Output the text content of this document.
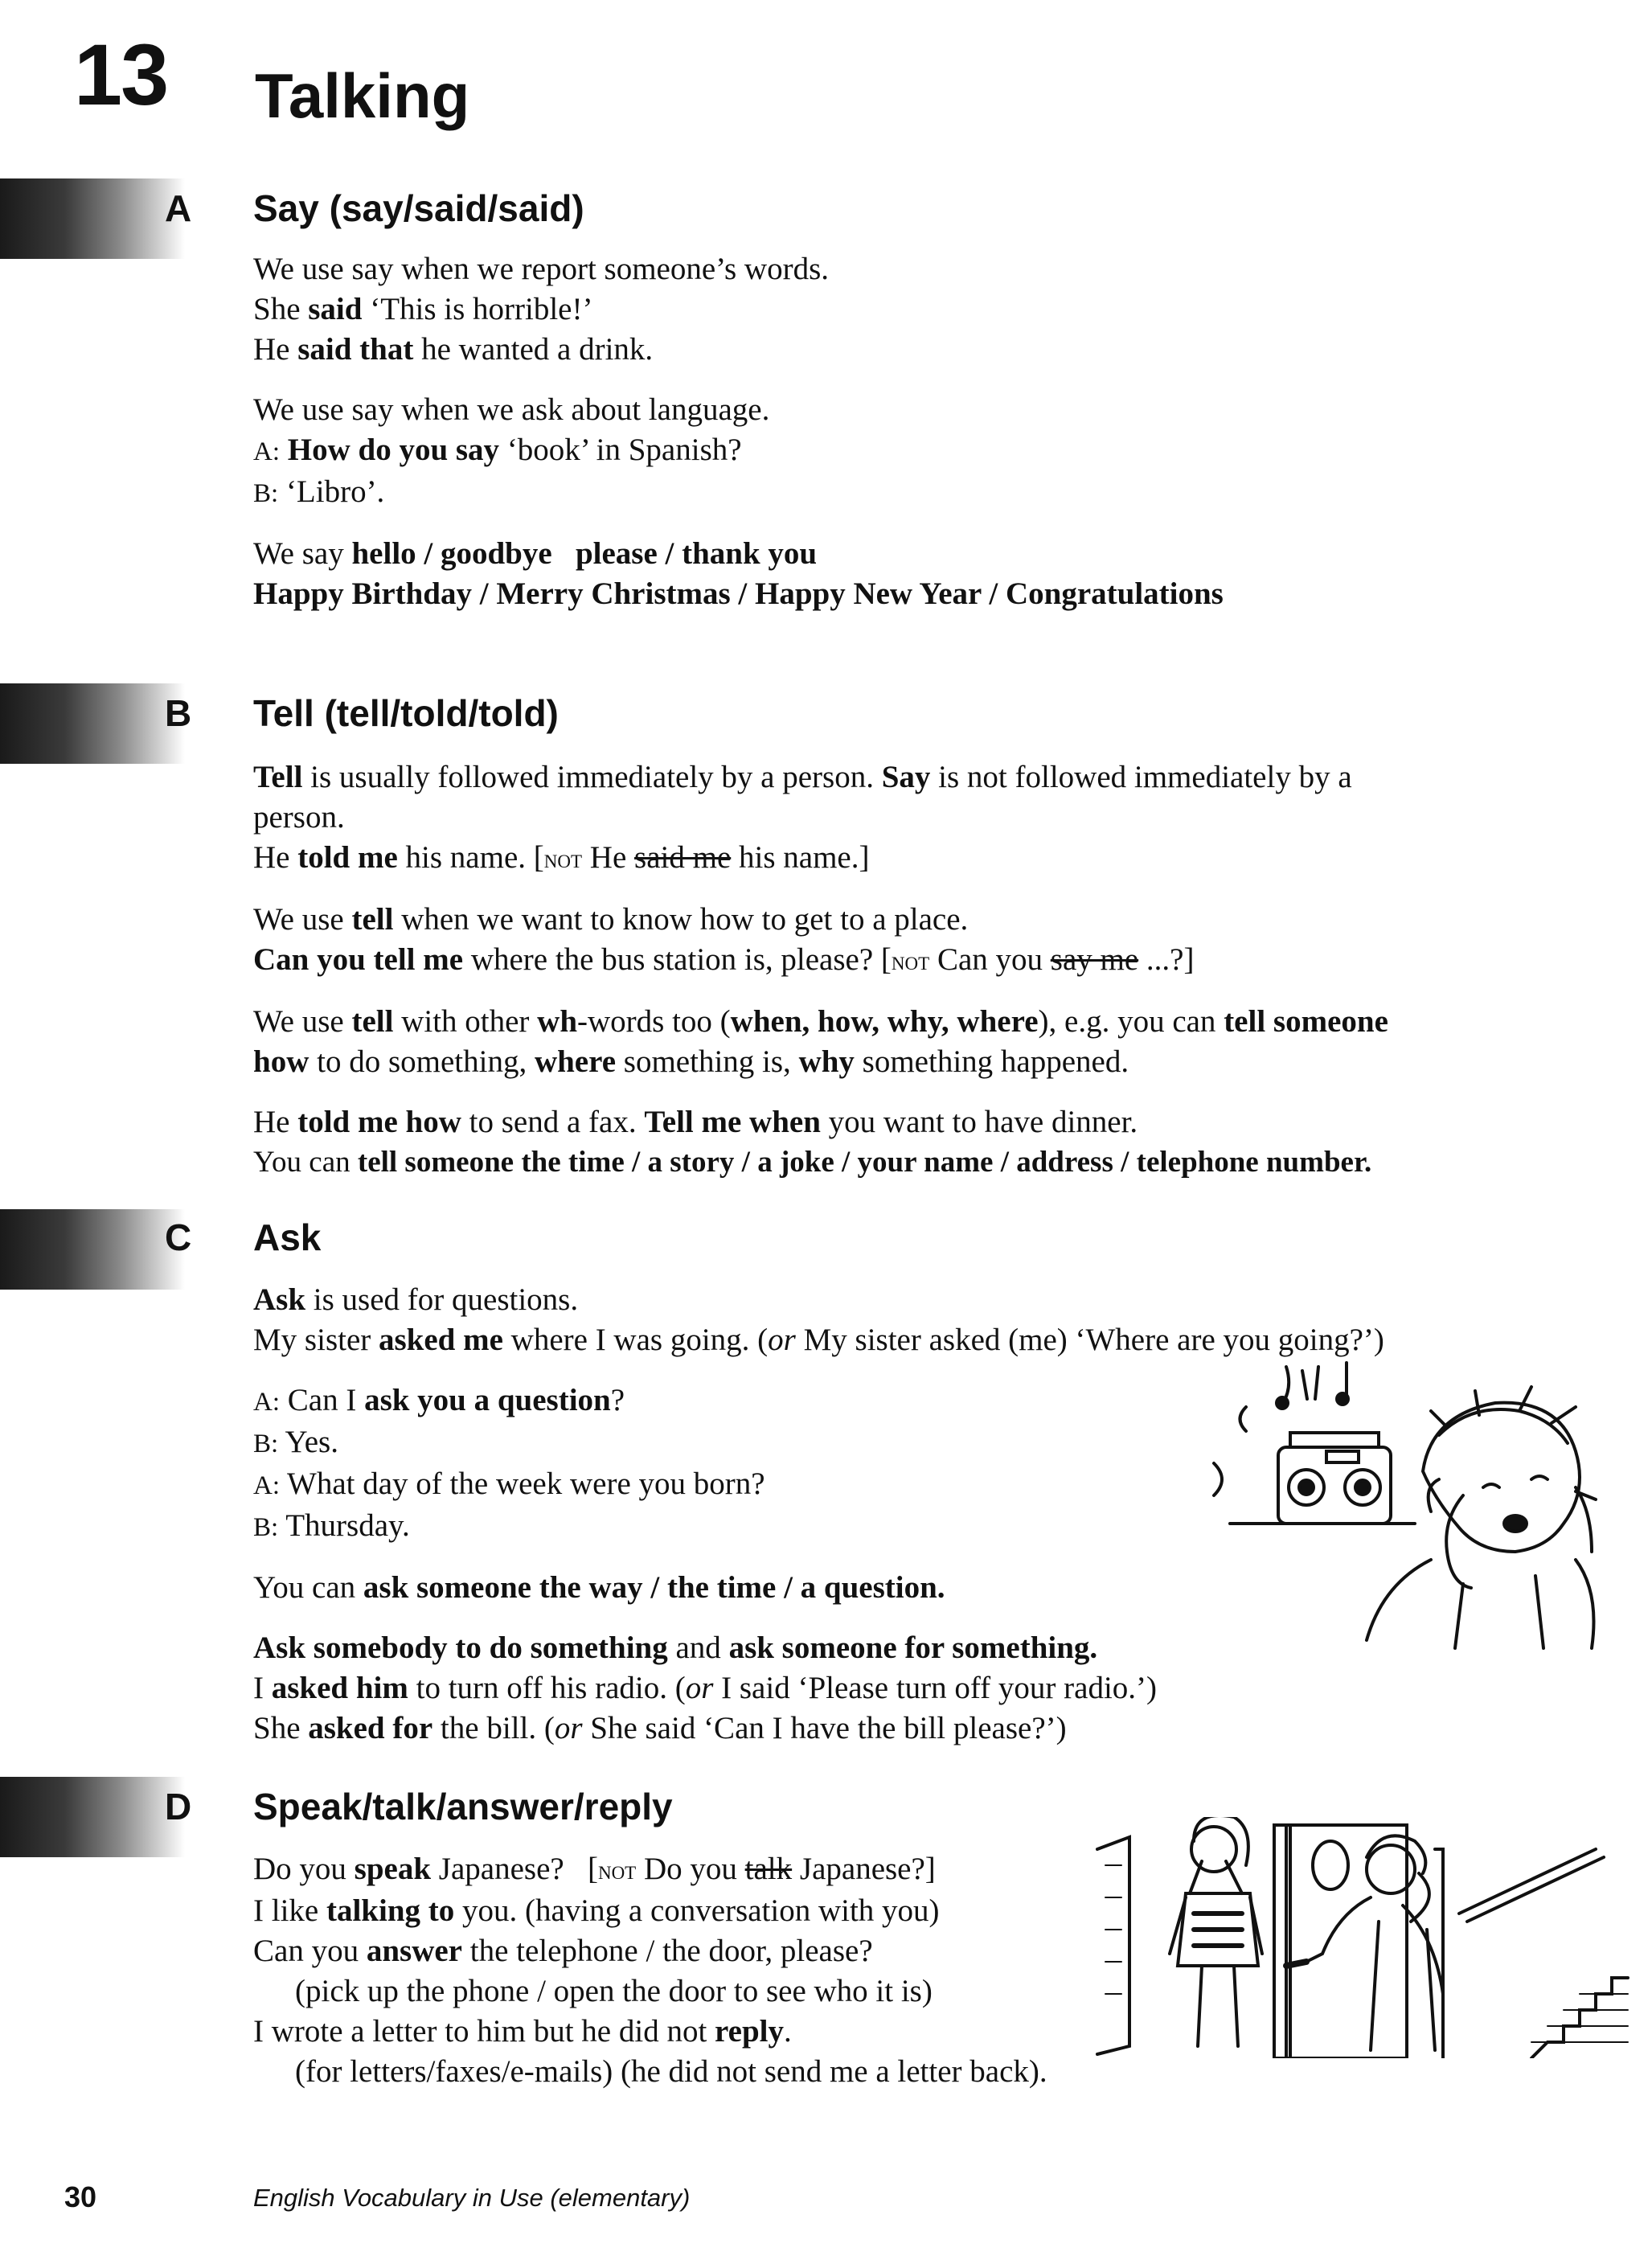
13 Talking
A Say (say/said/said)

We use say when we report someone’s words.
She said ‘This is horrible!’
He said that he wanted a drink.

We use say when we ask about language.
A: How do you say ‘book’ in Spanish?
B: ‘Libro’.

We say hello / goodbye please / thank you
Happy Birthday / Merry Christmas / Happy New Year / Congratulations

B Tell (tell/told/told)

Tell is usually followed immediately by a person. Say is not followed immediately by a
person.
He told me his name. [not He said me his name.]

We use tell when we want to know how to get to a place.
Can you tell me where the bus station is, please? [not Can you say me ...?]

We use tell with other wh-words too (when, how, why, where), e.g. you can tell someone
how to do something, where something is, why something happened.

He told me how to send a fax. Tell me when you want to have dinner.
You can tell someone the time / a story / a joke / your name / address / telephone number.

C Ask

Ask is used for questions.
My sister asked me where I was going. (or My sister asked (me) ‘Where are you going?’)

A: Can I ask you a question?
B: Yes.
A: What day of the week were you born?
B: Thursday.

You can ask someone the way / the time / a question.

Ask somebody to do something and ask someone for something.
I asked him to turn off his radio. (or I said ‘Please turn off your radio.’)
She asked for the bill. (or She said ‘Can I have the bill please?’)

D Speak/talk/answer/reply

Do you speak Japanese?   [not Do you talk Japanese?]
I like talking to you. (having a conversation with you)
Can you answer the telephone / the door, please?
(pick up the phone / open the door to see who it is)
I wrote a letter to him but he did not reply.
(for letters/faxes/e-mails) (he did not send me a letter back).

30	English Vocabulary in Use (elementary)
